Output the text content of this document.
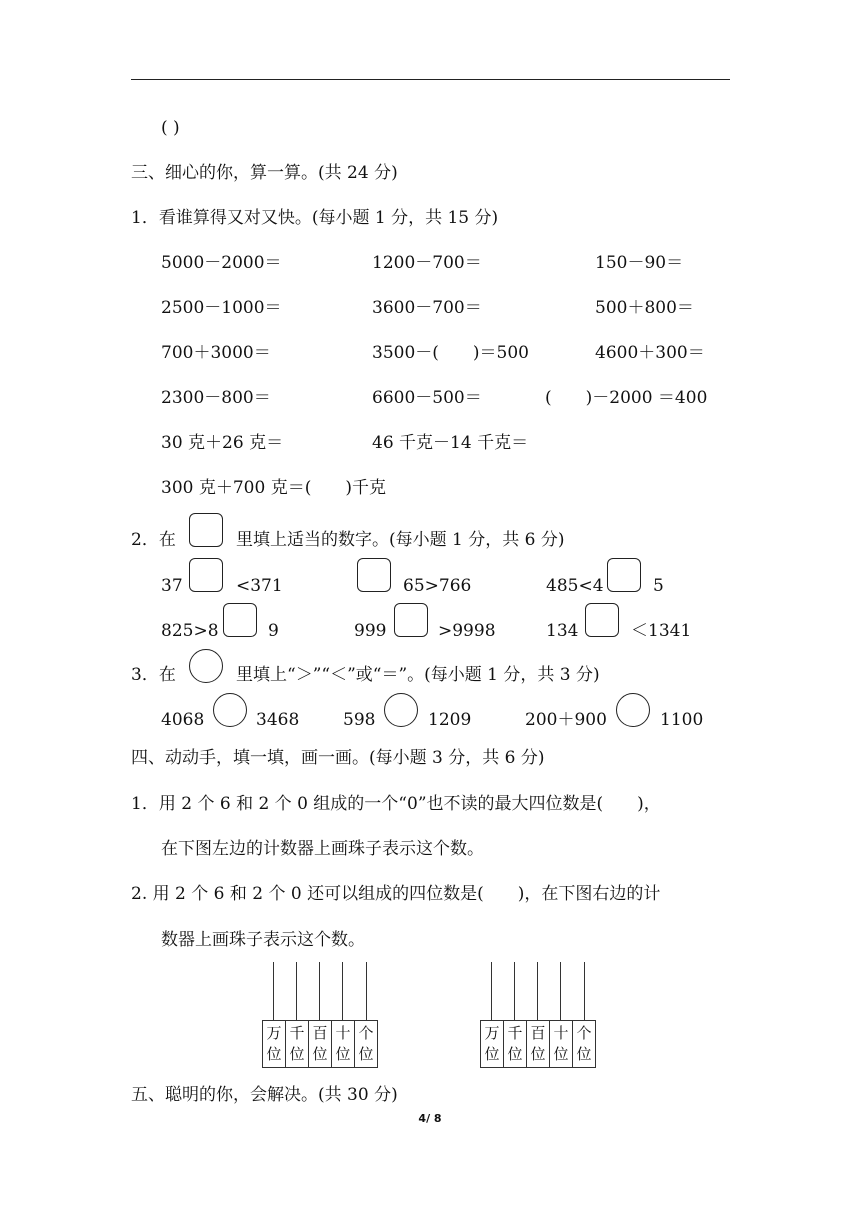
( )
三、细心的你，算一算。(共 24 分)
1．看谁算得又对又快。(每小题 1 分，共 15 分)
5000－2000＝	1200－700＝	150－90＝
2500－1000＝	3600－700＝	500＋800＝
700＋3000＝	3500－(　　)＝500	4600＋300＝
2300－800＝	6600－500＝	(　　)－2000 ＝400
30 克＋26 克＝	46 千克－14 千克＝
300 克＋700 克＝(　　)千克
2．在	里填上适当的数字。(每小题 1 分，共 6 分)
37	<371	65>766	485<4	5
825>8	9	999	>9998	134	＜1341
3．在	里填上“＞”“＜”或“＝”。(每小题 1 分，共 3 分)
4068	3468	598	1209	200＋900	1100
四、动动手，填一填，画一画。(每小题 3 分，共 6 分)
1．用 2 个 6 和 2 个 0 组成的一个“0”也不读的最大四位数是(　　)，
在下图左边的计数器上画珠子表示这个数。
2. 用 2 个 6 和 2 个 0 还可以组成的四位数是(　　)，在下图右边的计
数器上画珠子表示这个数。
万
位
千
位
百
位
十
位
个
位
万
位
千
位
百
位
十
位
个
位
五、聪明的你，会解决。(共 30 分)
4/ 8
